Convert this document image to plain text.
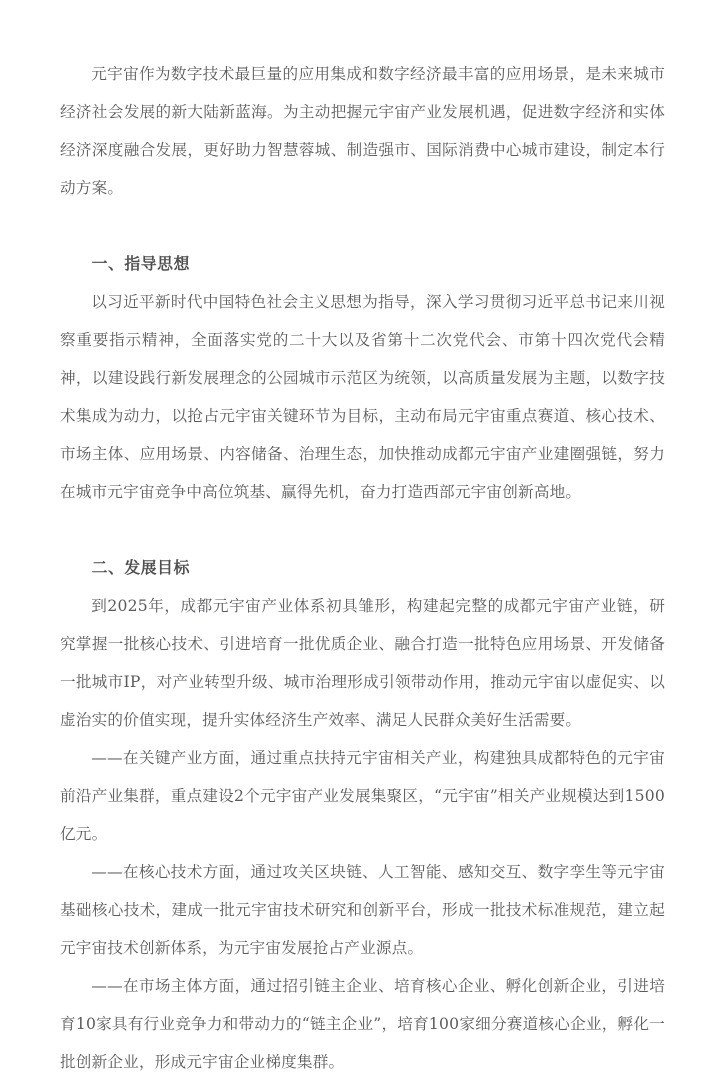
元宇宙作为数字技术最巨量的应用集成和数字经济最丰富的应用场景，是未来城市经济社会发展的新大陆新蓝海。为主动把握元宇宙产业发展机遇，促进数字经济和实体经济深度融合发展，更好助力智慧蓉城、制造强市、国际消费中心城市建设，制定本行动方案。

一、指导思想

以习近平新时代中国特色社会主义思想为指导，深入学习贯彻习近平总书记来川视察重要指示精神，全面落实党的二十大以及省第十二次党代会、市第十四次党代会精神，以建设践行新发展理念的公园城市示范区为统领，以高质量发展为主题，以数字技术集成为动力，以抢占元宇宙关键环节为目标，主动布局元宇宙重点赛道、核心技术、市场主体、应用场景、内容储备、治理生态，加快推动成都元宇宙产业建圈强链，努力在城市元宇宙竞争中高位筑基、赢得先机，奋力打造西部元宇宙创新高地。

二、发展目标

到2025年，成都元宇宙产业体系初具雏形，构建起完整的成都元宇宙产业链，研究掌握一批核心技术、引进培育一批优质企业、融合打造一批特色应用场景、开发储备一批城市IP，对产业转型升级、城市治理形成引领带动作用，推动元宇宙以虚促实、以虚治实的价值实现，提升实体经济生产效率、满足人民群众美好生活需要。

——在关键产业方面，通过重点扶持元宇宙相关产业，构建独具成都特色的元宇宙前沿产业集群，重点建设2个元宇宙产业发展集聚区，“元宇宙”相关产业规模达到1500亿元。

——在核心技术方面，通过攻关区块链、人工智能、感知交互、数字孪生等元宇宙基础核心技术，建成一批元宇宙技术研究和创新平台，形成一批技术标准规范，建立起元宇宙技术创新体系，为元宇宙发展抢占产业源点。

——在市场主体方面，通过招引链主企业、培育核心企业、孵化创新企业，引进培育10家具有行业竞争力和带动力的“链主企业”，培育100家细分赛道核心企业，孵化一批创新企业，形成元宇宙企业梯度集群。
